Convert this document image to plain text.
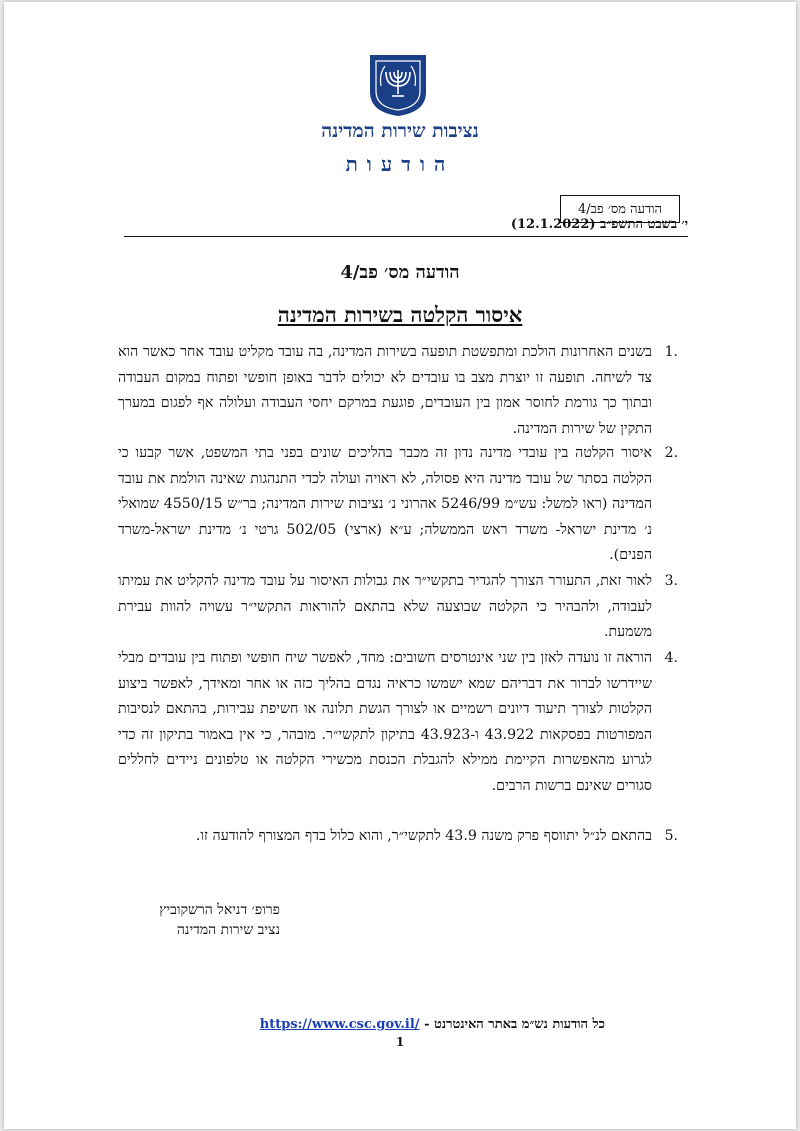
נציבות שירות המדינה
הודעות
הודעה מס׳ פב/4
י׳ בשבט התשפ״ב (12.1.2022)
הודעה מס׳ פב/4
איסור הקלטה בשירות המדינה
.1
בשנים האחרונות הולכת ומתפשטת תופעה בשירות המדינה, בה עובד מקליט עובד אחר כאשר הוא צד לשיחה. תופעה זו יוצרת מצב בו עובדים לא יכולים לדבר באופן חופשי ופתוח במקום העבודה ובתוך כך גורמת לחוסר אמון בין העובדים, פוגעת במרקם יחסי העבודה ועלולה אף לפגום במערך התקין של שירות המדינה.
.2
איסור הקלטה בין עובדי מדינה נדון זה מכבר בהליכים שונים בפני בתי המשפט, אשר קבעו כי הקלטה בסתר של עובד מדינה היא פסולה, לא ראויה ועולה לכדי התנהגות שאינה הולמת את עובד המדינה (ראו למשל: עש״מ 5246/99 אהרוני נ׳ נציבות שירות המדינה; בר״ש 4550/15 שמואלי נ׳ מדינת ישראל- משרד ראש הממשלה; ע״א (ארצי) 502/05 גרטי נ׳ מדינת ישראל-משרד הפנים).
.3
לאור זאת, התעורר הצורך להגדיר בתקשי״ר את גבולות האיסור על עובד מדינה להקליט את עמיתו לעבודה, ולהבהיר כי הקלטה שבוצעה שלא בהתאם להוראות התקשי״ר עשויה להוות עבירת משמעת.
.4
הוראה זו נועדה לאזן בין שני אינטרסים חשובים: מחד, לאפשר שיח חופשי ופתוח בין עובדים מבלי שיידרשו לברור את דבריהם שמא ישמשו כראיה נגדם בהליך כזה או אחר ומאידך, לאפשר ביצוע הקלטות לצורך תיעוד דיונים רשמיים או לצורך הגשת תלונה או חשיפת עבירות, בהתאם לנסיבות המפורטות בפסקאות 43.922 ו-43.923 בתיקון לתקשי״ר. מובהר, כי אין באמור בתיקון זה כדי לגרוע מהאפשרות הקיימת ממילא להגבלת הכנסת מכשירי הקלטה או טלפונים ניידים לחללים סגורים שאינם ברשות הרבים.
.5
בהתאם לנ״ל יתווסף פרק משנה 43.9 לתקשי״ר, והוא כלול בדף המצורף להודעה זו.
פרופ׳ דניאל הרשקוביץ
נציב שירות המדינה
כל הודעות נש״מ באתר האינטרנט - https://www.csc.gov.il/
1
